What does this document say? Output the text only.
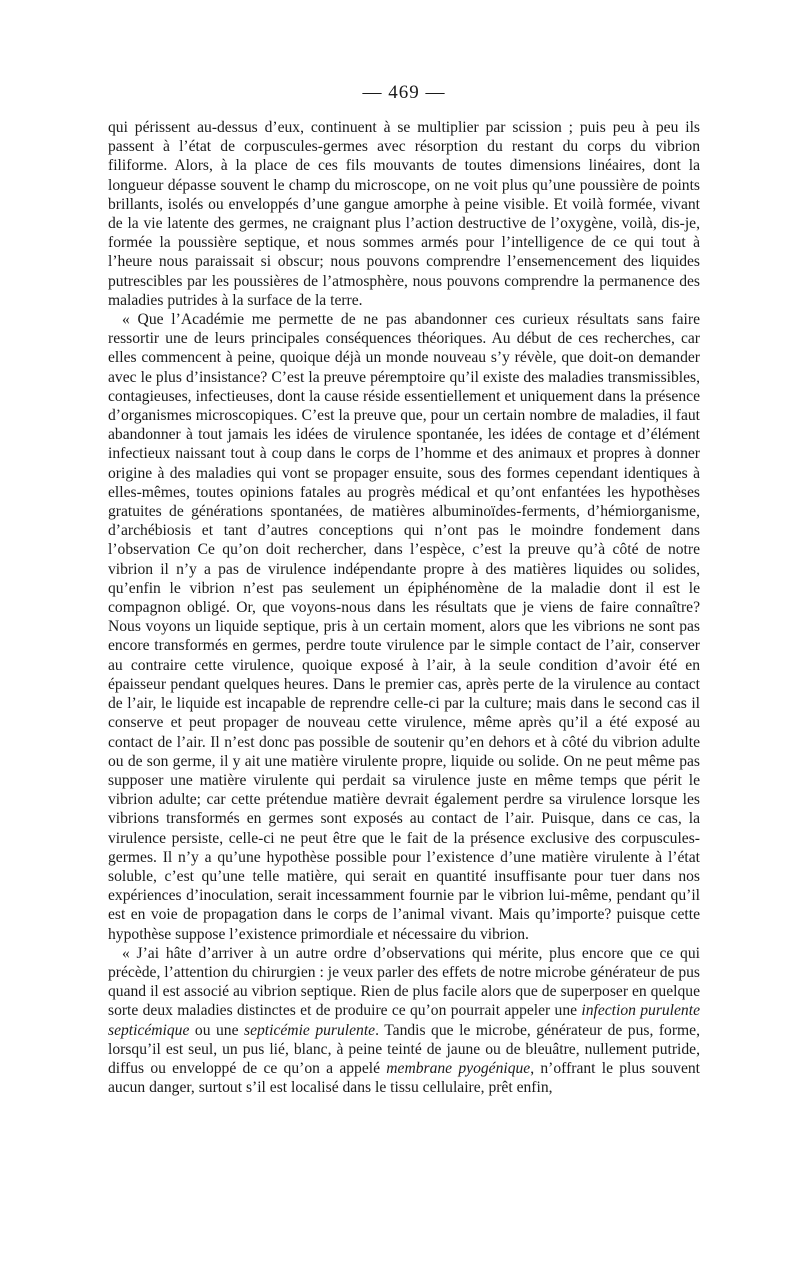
— 469 —

qui périssent au-dessus d’eux, continuent à se multiplier par scission ; puis peu à peu ils passent à l’état de corpuscules-germes avec résorption du restant du corps du vibrion filiforme. Alors, à la place de ces fils mouvants de toutes dimensions linéaires, dont la longueur dépasse souvent le champ du microscope, on ne voit plus qu’une poussière de points brillants, isolés ou enveloppés d’une gangue amorphe à peine visible. Et voilà formée, vivant de la vie latente des germes, ne craignant plus l’action destructive de l’oxygène, voilà, dis-je, formée la poussière septique, et nous sommes armés pour l’intelligence de ce qui tout à l’heure nous paraissait si obscur; nous pouvons comprendre l’ensemencement des liquides putrescibles par les poussières de l’atmosphère, nous pouvons comprendre la permanence des maladies putrides à la surface de la terre.

« Que l’Académie me permette de ne pas abandonner ces curieux résultats sans faire ressortir une de leurs principales conséquences théoriques. Au début de ces recherches, car elles commencent à peine, quoique déjà un monde nouveau s’y révèle, que doit-on demander avec le plus d’insistance? C’est la preuve péremptoire qu’il existe des maladies transmissibles, contagieuses, infectieuses, dont la cause réside essentiellement et uniquement dans la présence d’organismes microscopiques. C’est la preuve que, pour un certain nombre de maladies, il faut abandonner à tout jamais les idées de virulence spontanée, les idées de contage et d’élément infectieux naissant tout à coup dans le corps de l’homme et des animaux et propres à donner origine à des maladies qui vont se propager ensuite, sous des formes cependant identiques à elles-mêmes, toutes opinions fatales au progrès médical et qu’ont enfantées les hypothèses gratuites de générations spontanées, de matières albuminoïdes-ferments, d’hémiorganisme, d’archébiosis et tant d’autres conceptions qui n’ont pas le moindre fondement dans l’observation Ce qu’on doit rechercher, dans l’espèce, c’est la preuve qu’à côté de notre vibrion il n’y a pas de virulence indépendante propre à des matières liquides ou solides, qu’enfin le vibrion n’est pas seulement un épiphénomène de la maladie dont il est le compagnon obligé. Or, que voyons-nous dans les résultats que je viens de faire connaître? Nous voyons un liquide septique, pris à un certain moment, alors que les vibrions ne sont pas encore transformés en germes, perdre toute virulence par le simple contact de l’air, conserver au contraire cette virulence, quoique exposé à l’air, à la seule condition d’avoir été en épaisseur pendant quelques heures. Dans le premier cas, après perte de la virulence au contact de l’air, le liquide est incapable de reprendre celle-ci par la culture; mais dans le second cas il conserve et peut propager de nouveau cette virulence, même après qu’il a été exposé au contact de l’air. Il n’est donc pas possible de soutenir qu’en dehors et à côté du vibrion adulte ou de son germe, il y ait une matière virulente propre, liquide ou solide. On ne peut même pas supposer une matière virulente qui perdait sa virulence juste en même temps que périt le vibrion adulte; car cette prétendue matière devrait également perdre sa virulence lorsque les vibrions transformés en germes sont exposés au contact de l’air. Puisque, dans ce cas, la virulence persiste, celle-ci ne peut être que le fait de la présence exclusive des corpuscules-germes. Il n’y a qu’une hypothèse possible pour l’existence d’une matière virulente à l’état soluble, c’est qu’une telle matière, qui serait en quantité insuffisante pour tuer dans nos expériences d’inoculation, serait incessamment fournie par le vibrion lui-même, pendant qu’il est en voie de propagation dans le corps de l’animal vivant. Mais qu’importe? puisque cette hypothèse suppose l’existence primordiale et nécessaire du vibrion.

« J’ai hâte d’arriver à un autre ordre d’observations qui mérite, plus encore que ce qui précède, l’attention du chirurgien : je veux parler des effets de notre microbe générateur de pus quand il est associé au vibrion septique. Rien de plus facile alors que de superposer en quelque sorte deux maladies distinctes et de produire ce qu’on pourrait appeler une infection purulente septicémique ou une septicémie purulente. Tandis que le microbe, générateur de pus, forme, lorsqu’il est seul, un pus lié, blanc, à peine teinté de jaune ou de bleuâtre, nullement putride, diffus ou enveloppé de ce qu’on a appelé membrane pyogénique, n’offrant le plus souvent aucun danger, surtout s’il est localisé dans le tissu cellulaire, prêt enfin,
